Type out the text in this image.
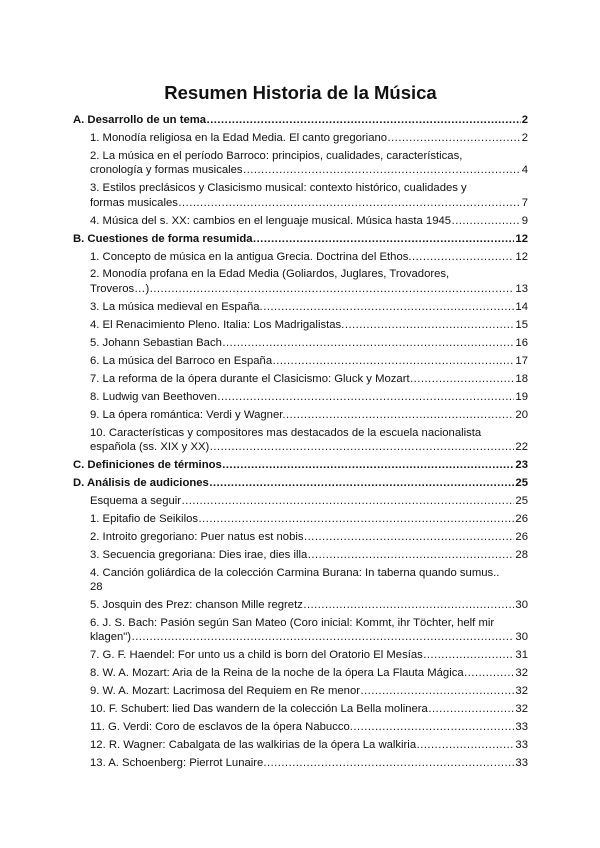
Resumen Historia de la Música
A. Desarrollo de un tema ……………………………………………………………………………………………………………………………………………………………………………………………	2
1. Monodía religiosa en la Edad Media. El canto gregoriano ……………………………………………………………………………………………………………………………………………………………………………………………	2
2. La música en el período Barroco: principios, cualidades, características,
cronología y formas musicales ……………………………………………………………………………………………………………………………………………………………………………………………	4
3. Estilos preclásicos y Clasicismo musical: contexto histórico, cualidades y
formas musicales ……………………………………………………………………………………………………………………………………………………………………………………………	7
4. Música del s. XX: cambios en el lenguaje musical. Música hasta 1945 ……………………………………………………………………………………………………………………………………………………………………………………………	9
B. Cuestiones de forma resumida ……………………………………………………………………………………………………………………………………………………………………………………………	12
1. Concepto de música en la antigua Grecia. Doctrina del Ethos. ……………………………………………………………………………………………………………………………………………………………………………………………	12
2. Monodía profana en la Edad Media (Goliardos, Juglares, Trovadores,
Troveros…) ……………………………………………………………………………………………………………………………………………………………………………………………	13
3. La música medieval en España. ……………………………………………………………………………………………………………………………………………………………………………………………	14
4. El Renacimiento Pleno. Italia: Los Madrigalistas. ……………………………………………………………………………………………………………………………………………………………………………………………	15
5. Johann Sebastian Bach ……………………………………………………………………………………………………………………………………………………………………………………………	16
6. La música del Barroco en España ……………………………………………………………………………………………………………………………………………………………………………………………	17
7. La reforma de la ópera durante el Clasicismo: Gluck y Mozart ……………………………………………………………………………………………………………………………………………………………………………………………	18
8. Ludwig van Beethoven ……………………………………………………………………………………………………………………………………………………………………………………………	19
9. La ópera romántica: Verdi y Wagner. ……………………………………………………………………………………………………………………………………………………………………………………………	20
10. Características y compositores mas destacados de la escuela nacionalista
española (ss. XIX y XX) ……………………………………………………………………………………………………………………………………………………………………………………………	22
C. Definiciones de términos ……………………………………………………………………………………………………………………………………………………………………………………………	23
D. Análisis de audiciones ……………………………………………………………………………………………………………………………………………………………………………………………	25
Esquema a seguir ……………………………………………………………………………………………………………………………………………………………………………………………	25
1. Epitafio de Seikilos ……………………………………………………………………………………………………………………………………………………………………………………………	26
2. Introito gregoriano: Puer natus est nobis ……………………………………………………………………………………………………………………………………………………………………………………………	26
3. Secuencia gregoriana: Dies irae, dies illa ……………………………………………………………………………………………………………………………………………………………………………………………	28
4. Canción goliárdica de la colección Carmina Burana: In taberna quando sumus..
28
5. Josquin des Prez: chanson Mille regretz ……………………………………………………………………………………………………………………………………………………………………………………………	30
6. J. S. Bach: Pasión según San Mateo (Coro inicial: Kommt, ihr Töchter, helf mir
klagen") ……………………………………………………………………………………………………………………………………………………………………………………………	30
7. G. F. Haendel: For unto us a child is born del Oratorio El Mesías ……………………………………………………………………………………………………………………………………………………………………………………………	31
8. W. A. Mozart: Aria de la Reina de la noche de la ópera La Flauta Mágica ……………………………………………………………………………………………………………………………………………………………………………………………	32
9. W. A. Mozart: Lacrimosa del Requiem en Re menor ……………………………………………………………………………………………………………………………………………………………………………………………	32
10. F. Schubert: lied Das wandern de la colección La Bella molinera ……………………………………………………………………………………………………………………………………………………………………………………………	32
11. G. Verdi: Coro de esclavos de la ópera Nabucco. ……………………………………………………………………………………………………………………………………………………………………………………………	33
12. R. Wagner: Cabalgata de las walkirias de la ópera La walkiria ……………………………………………………………………………………………………………………………………………………………………………………………	33
13. A. Schoenberg: Pierrot Lunaire. ……………………………………………………………………………………………………………………………………………………………………………………………	33
